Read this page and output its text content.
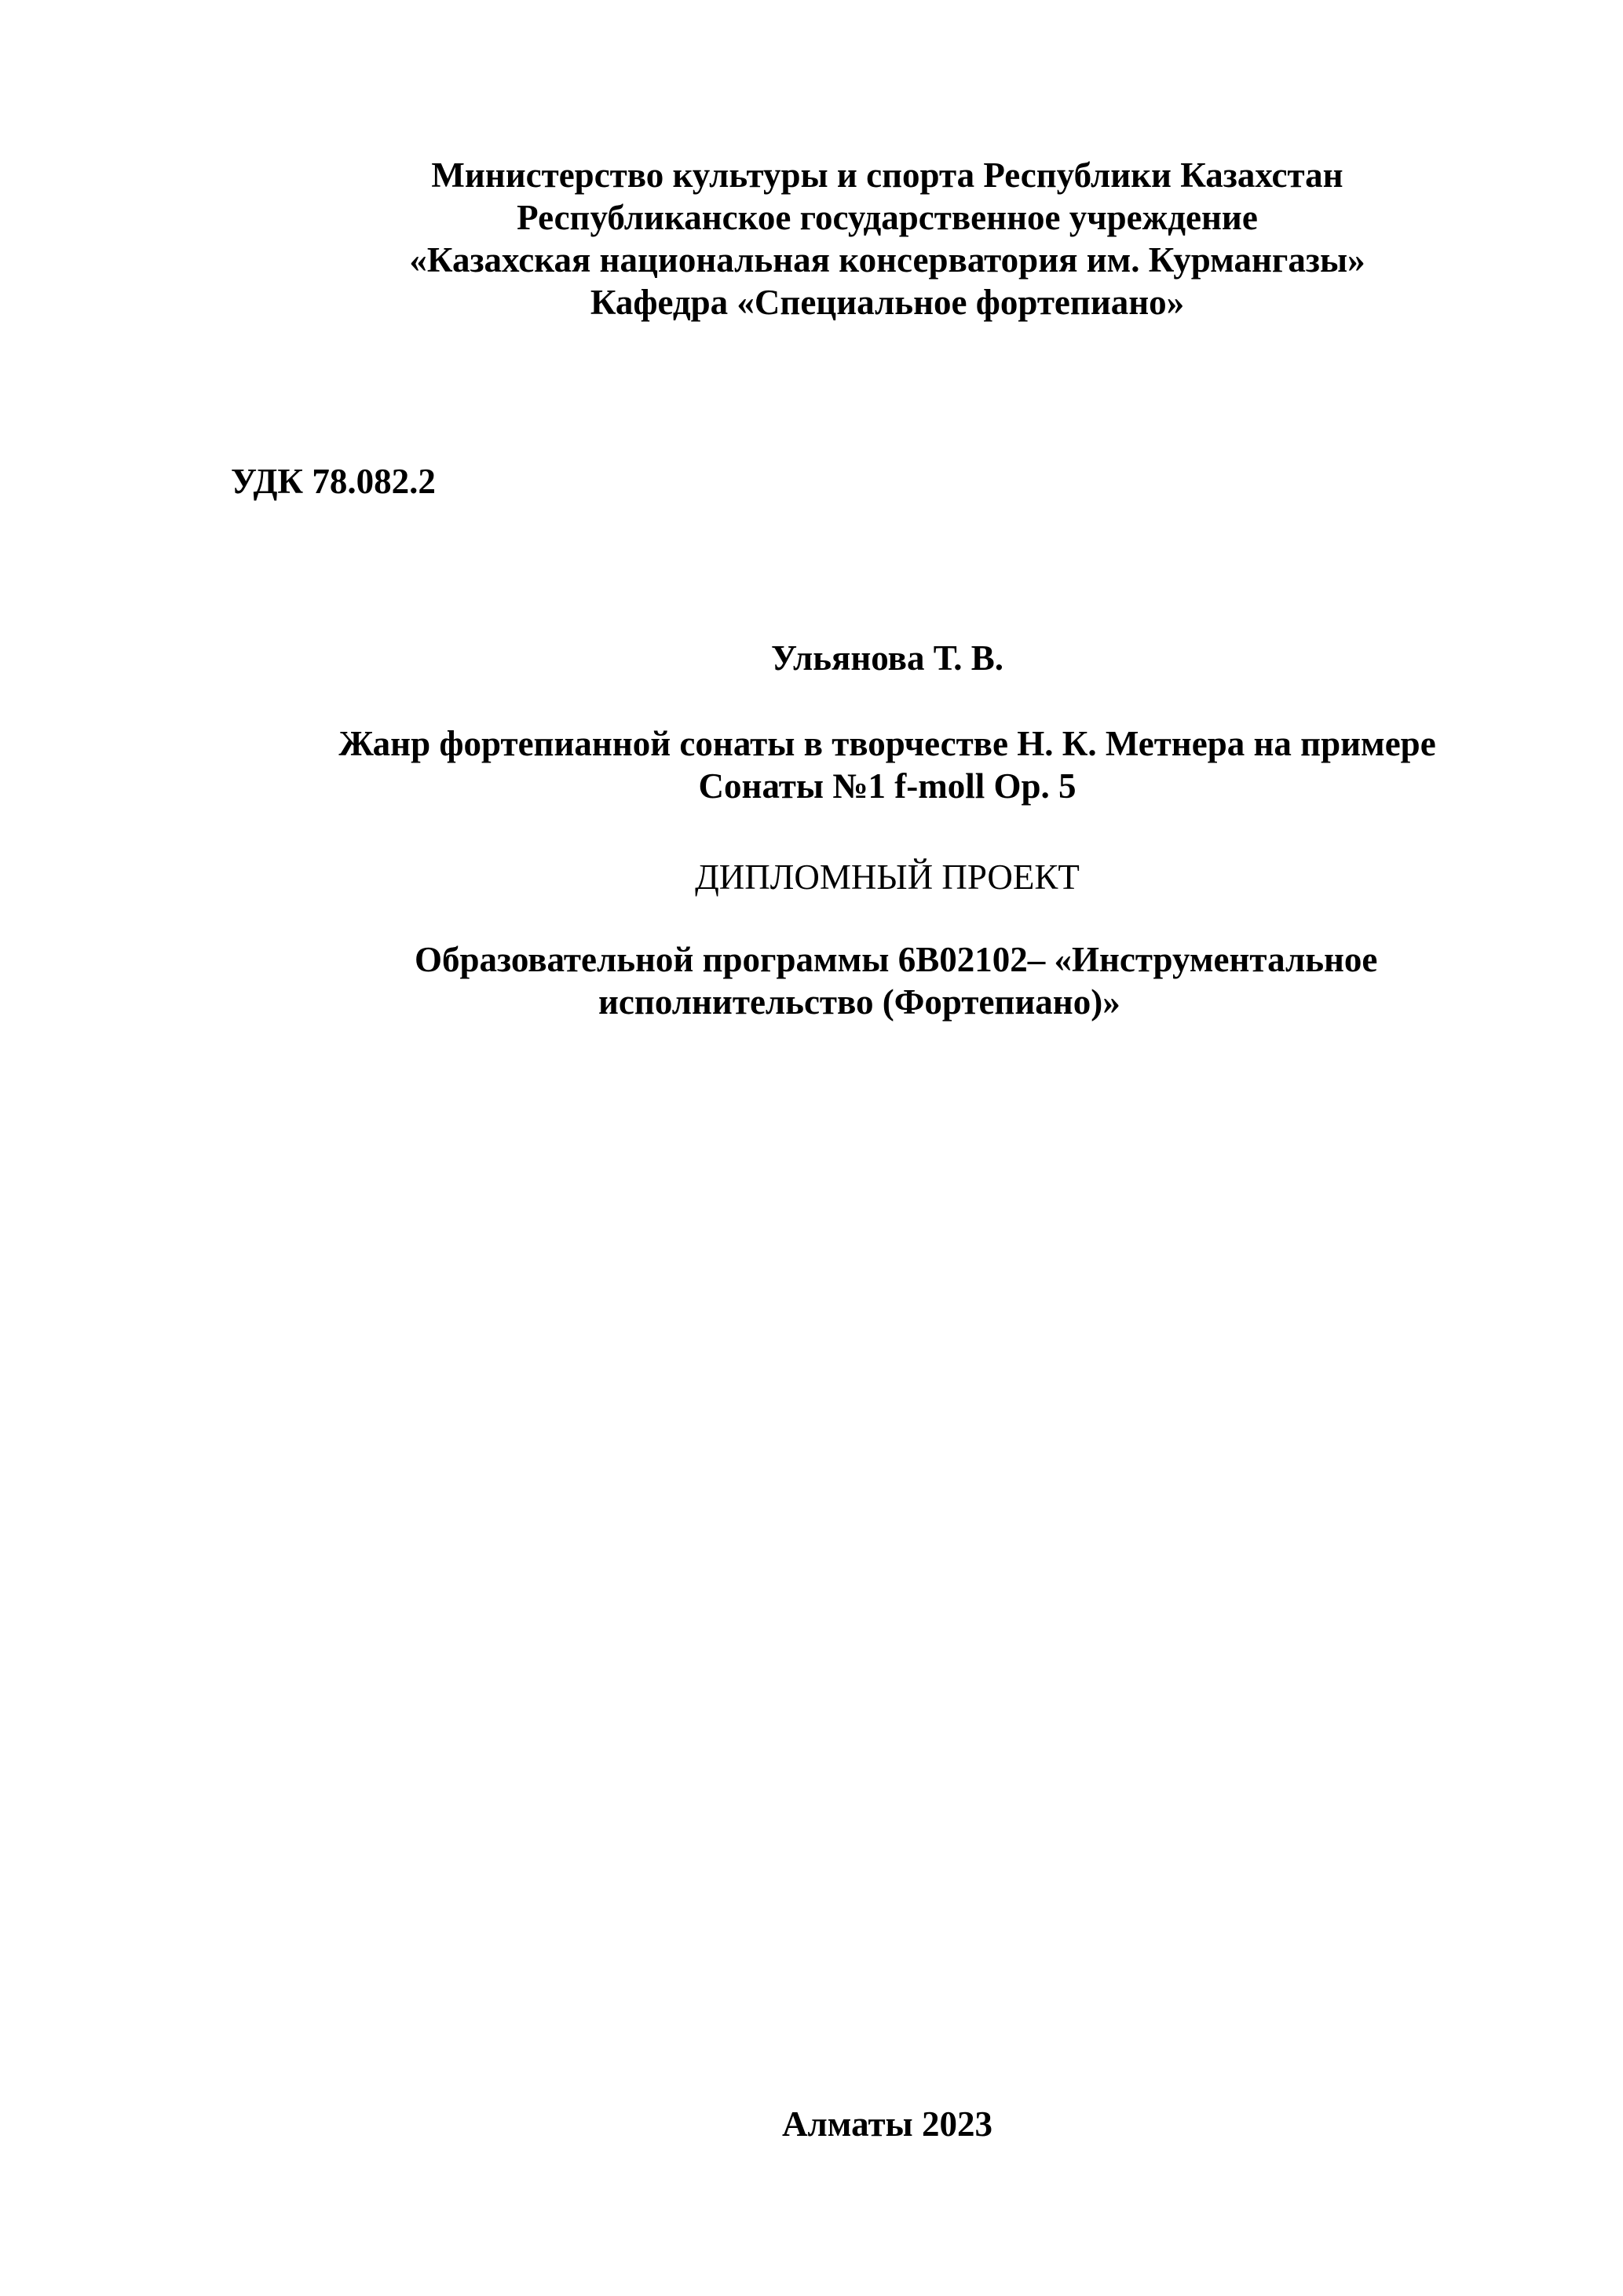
Министерство культуры и спорта Республики Казахстан
Республиканское государственное учреждение
«Казахская национальная консерватория им. Курмангазы»
Кафедра «Специальное фортепиано»
УДК 78.082.2
Ульянова Т. В.
Жанр фортепианной сонаты в творчестве Н. К. Метнера на примере
Сонаты №1 f-moll Op. 5
ДИПЛОМНЫЙ ПРОЕКТ
Образовательной программы 6В02102– «Инструментальное
исполнительство (Фортепиано)»
Алматы 2023
